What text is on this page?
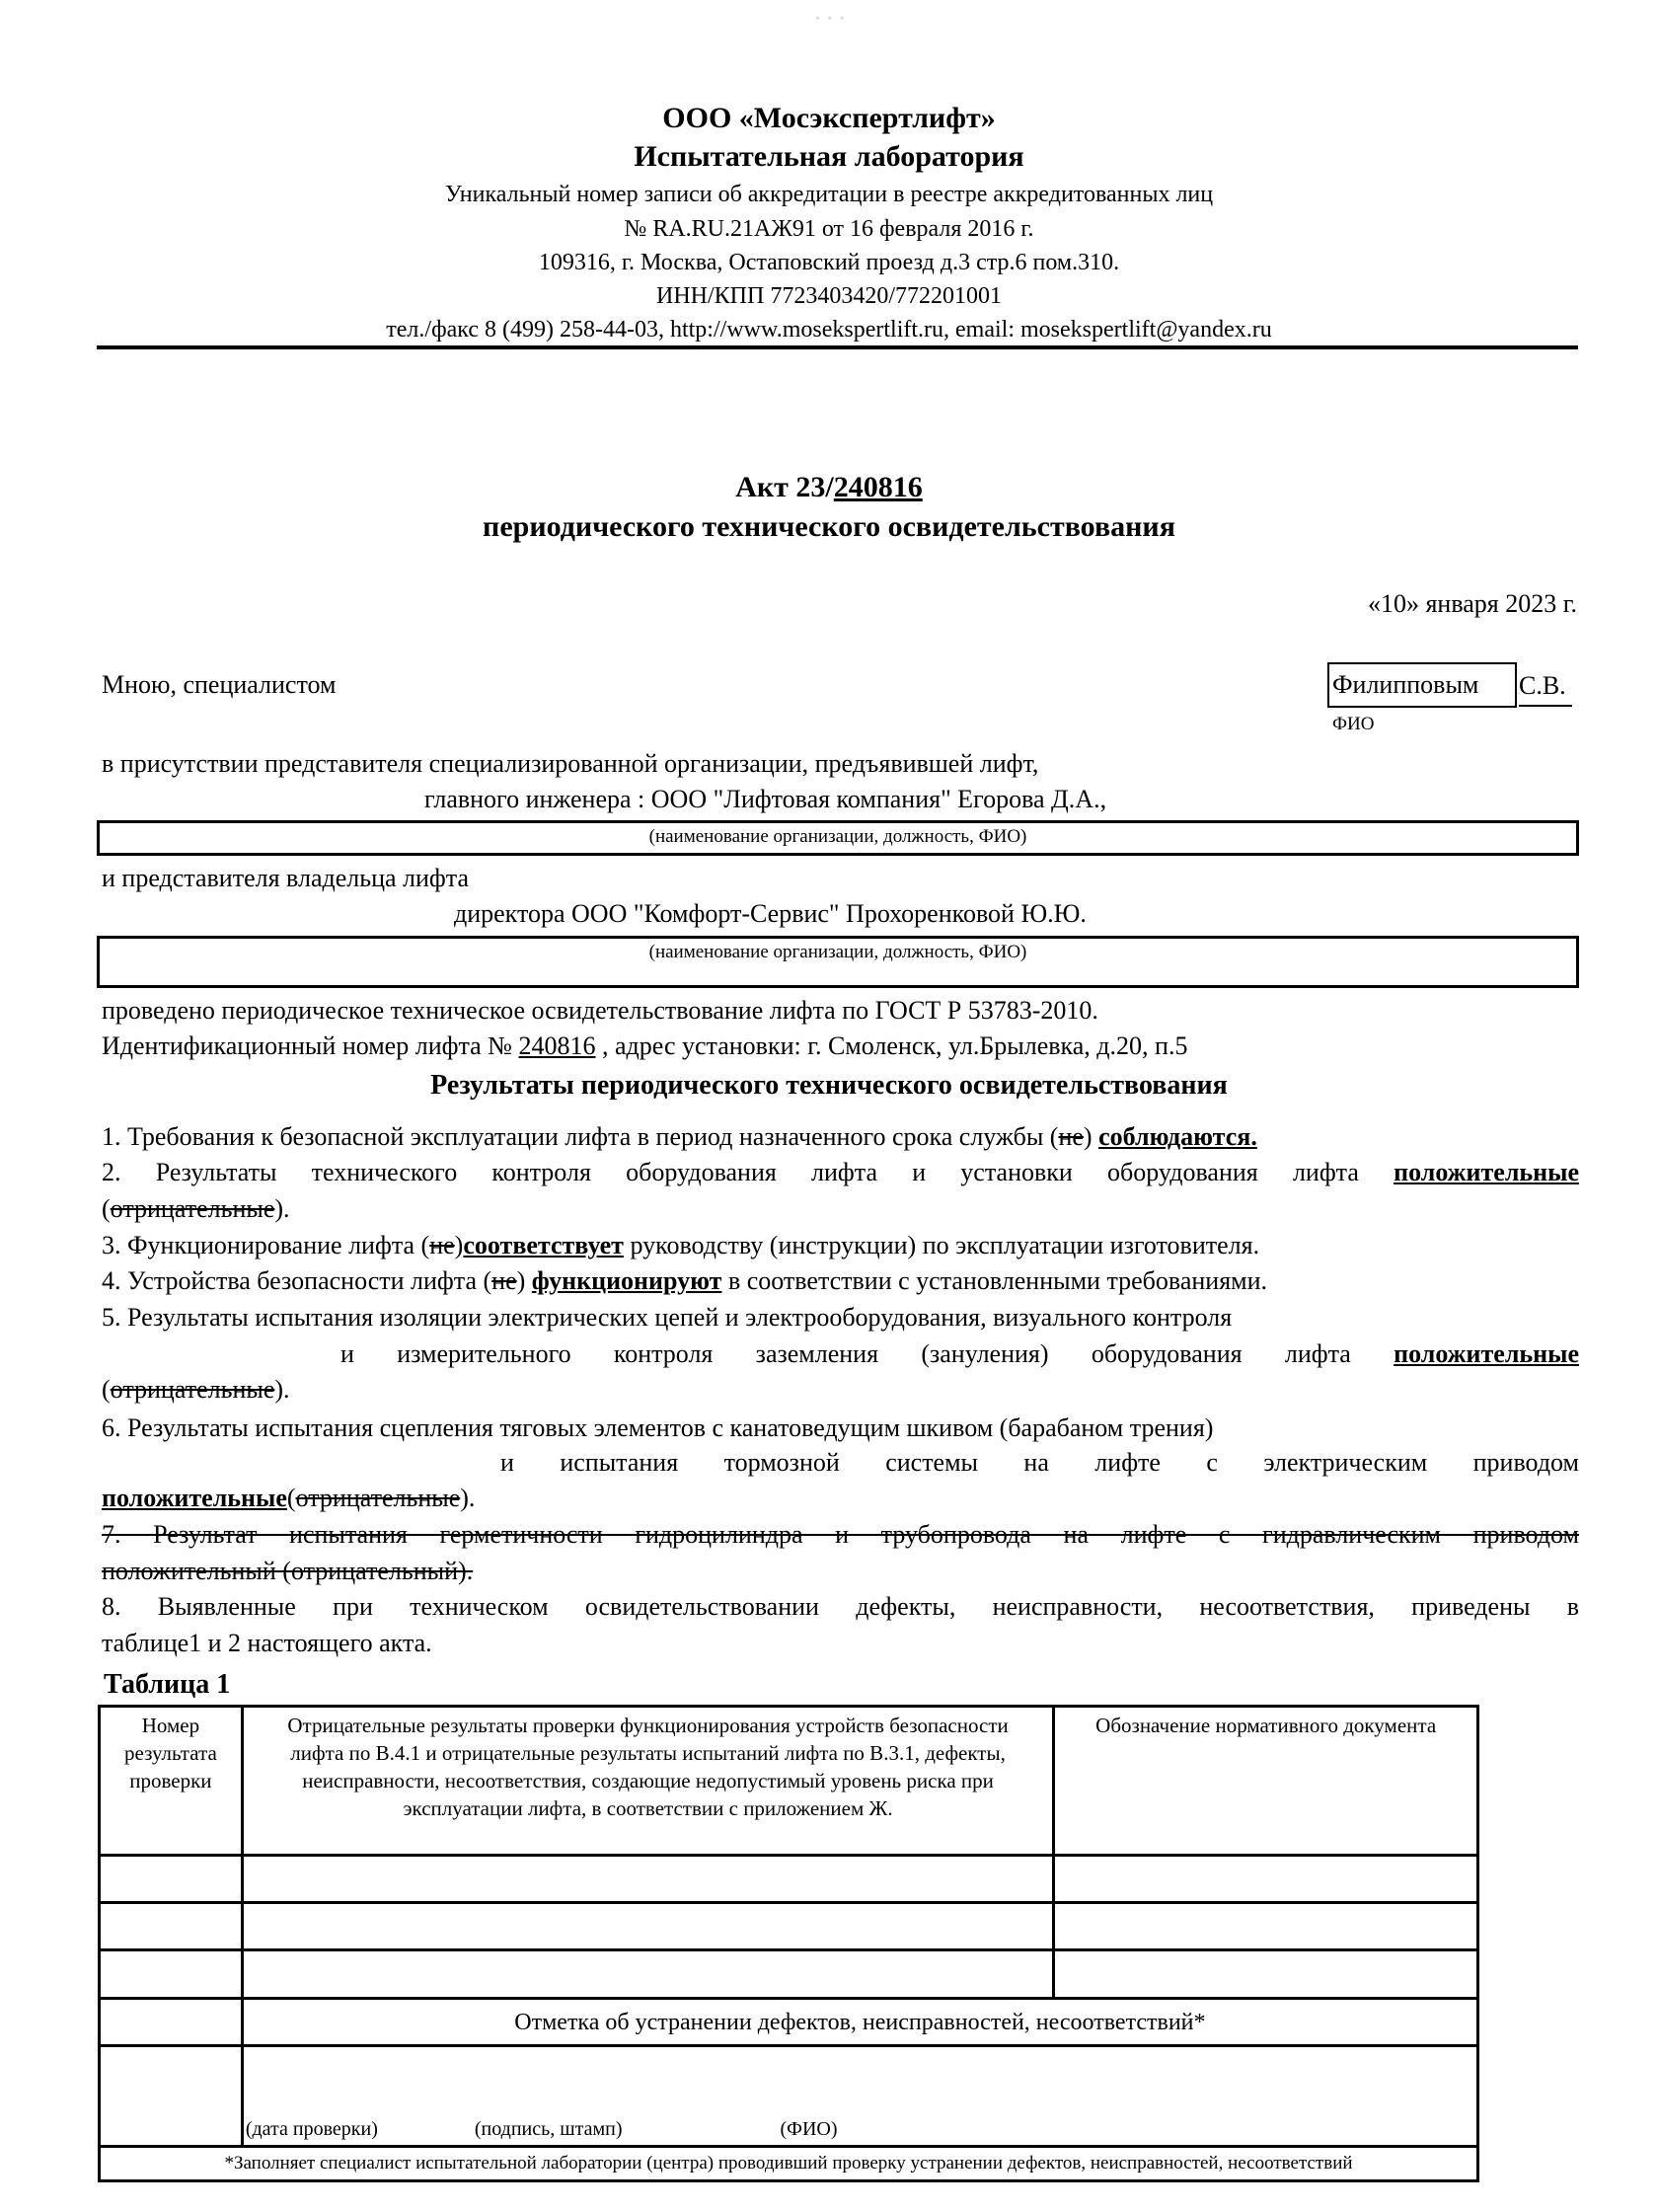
• • •
ООО «Мосэкспертлифт»
Испытательная лаборатория
Уникальный номер записи об аккредитации в реестре аккредитованных лиц
№ RA.RU.21АЖ91 от 16 февраля 2016 г.
109316, г. Москва, Остаповский проезд д.3 стр.6 пом.310.
ИНН/КПП 7723403420/772201001
тел./факс 8 (499) 258-44-03, http://www.mosekspertlift.ru, email: mosekspertlift@yandex.ru
Акт 23/240816
периодического технического освидетельствования
«10» января 2023 г.
Мною, специалистом	Филипповым С.В.
ФИО
в присутствии представителя специализированной организации, предъявившей лифт,
главного инженера : ООО "Лифтовая компания" Егорова Д.А.,
(наименование организации, должность, ФИО)
и представителя владельца лифта
директора ООО "Комфорт-Сервис" Прохоренковой Ю.Ю.
(наименование организации, должность, ФИО)
проведено периодическое техническое освидетельствование лифта по ГОСТ Р 53783-2010.
Идентификационный номер лифта № 240816 , адрес установки: г. Смоленск, ул.Брылевка, д.20, п.5
Результаты периодического технического освидетельствования
1. Требования к безопасной эксплуатации лифта в период назначенного срока службы (не) соблюдаются.
2. Результаты технического контроля оборудования лифта и установки оборудования лифта положительные
(отрицательные).
3. Функционирование лифта (не)соответствует руководству (инструкции) по эксплуатации изготовителя.
4. Устройства безопасности лифта (не) функционируют в соответствии с установленными требованиями.
5. Результаты испытания изоляции электрических цепей и электрооборудования, визуального контроля
и измерительного контроля заземления (зануления) оборудования лифта положительные
(отрицательные).
6. Результаты испытания сцепления тяговых элементов с канатоведущим шкивом (барабаном трения)
и испытания тормозной системы на лифте с электрическим приводом
положительные(отрицательные).
7. Результат испытания герметичности гидроцилиндра и трубопровода на лифте с гидравлическим приводом
положительный (отрицательный).
8. Выявленные при техническом освидетельствовании дефекты, неисправности, несоответствия, приведены в
таблице1 и 2 настоящего акта.
Таблица 1
Номер результата проверки	Отрицательные результаты проверки функционирования устройств безопасности лифта по В.4.1 и отрицательные результаты испытаний лифта по В.3.1, дефекты, неисправности, несоответствия, создающие недопустимый уровень риска при эксплуатации лифта, в соответствии с приложением Ж.	Обозначение нормативного документа

	Отметка об устранении дефектов, неисправностей, несоответствий*	
	(дата проверки) (подпись, штамп) (ФИО)	
*Заполняет специалист испытательной лаборатории (центра) проводивший проверку устранении дефектов, неисправностей, несоответствий		
